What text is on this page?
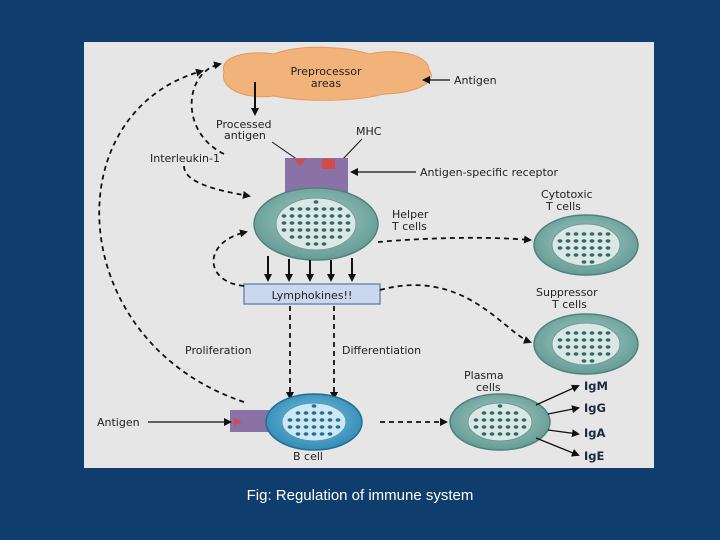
Preprocessor
areas	Antigen
Processed
antigen	MHC
Interleukin-1
Antigen-specific receptor
Helper
T cells
Cytotoxic
T cells
Lymphokines!!	Suppressor
T cells
Proliferation	Differentiation
Plasma
cells	IgM
IgG
IgA
IgE
Antigen
B cell
Fig: Regulation of immune system
